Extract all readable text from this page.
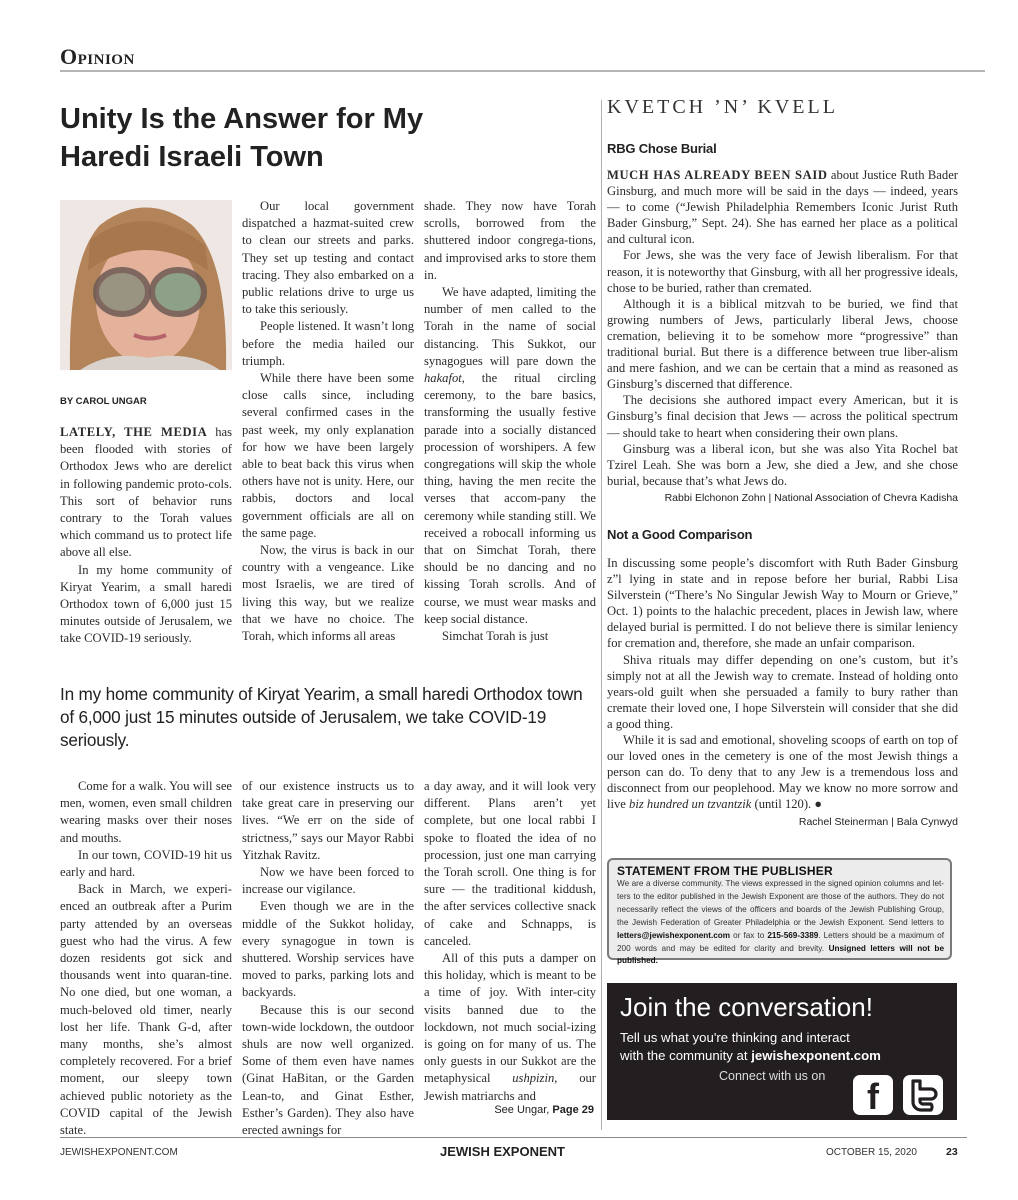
Opinion
Unity Is the Answer for My Haredi Israeli Town
BY CAROL UNGAR

LATELY, THE MEDIA has been flooded with stories of Orthodox Jews who are derelict in following pandemic proto-cols. This sort of behavior runs contrary to the Torah values which command us to protect life above all else.

In my home community of Kiryat Yearim, a small haredi Orthodox town of 6,000 just 15 minutes outside of Jerusalem, we take COVID-19 seriously.

Our local government dispatched a hazmat-suited crew to clean our streets and parks. They set up testing and contact tracing. They also embarked on a public relations drive to urge us to take this seriously.

People listened. It wasn’t long before the media hailed our triumph.

While there have been some close calls since, including several confirmed cases in the past week, my only explanation for how we have been largely able to beat back this virus when others have not is unity. Here, our rabbis, doctors and local government officials are all on the same page.

Now, the virus is back in our country with a vengeance. Like most Israelis, we are tired of living this way, but we realize that we have no choice. The Torah, which informs all areas

shade. They now have Torah scrolls, borrowed from the shuttered indoor congrega-tions, and improvised arks to store them in.

We have adapted, limiting the number of men called to the Torah in the name of social distancing. This Sukkot, our synagogues will pare down the hakafot, the ritual circling ceremony, to the bare basics, transforming the usually festive parade into a socially distanced procession of worshipers. A few congregations will skip the whole thing, having the men recite the verses that accom-pany the ceremony while standing still. We received a robocall informing us that on Simchat Torah, there should be no dancing and no kissing Torah scrolls. And of course, we must wear masks and keep social distance.

Simchat Torah is just

In my home community of Kiryat Yearim, a small haredi Orthodox town of 6,000 just 15 minutes outside of Jerusalem, we take COVID-19 seriously.

Come for a walk. You will see men, women, even small children wearing masks over their noses and mouths.

In our town, COVID-19 hit us early and hard.

Back in March, we experi-enced an outbreak after a Purim party attended by an overseas guest who had the virus. A few dozen residents got sick and thousands went into quaran-tine. No one died, but one woman, a much-beloved old timer, nearly lost her life. Thank G-d, after many months, she’s almost completely recovered. For a brief moment, our sleepy town achieved public notoriety as the COVID capital of the Jewish state.

of our existence instructs us to take great care in preserving our lives. “We err on the side of strictness,” says our Mayor Rabbi Yitzhak Ravitz.

Now we have been forced to increase our vigilance.

Even though we are in the middle of the Sukkot holiday, every synagogue in town is shuttered. Worship services have moved to parks, parking lots and backyards.

Because this is our second town-wide lockdown, the outdoor shuls are now well organized. Some of them even have names (Ginat HaBitan, or the Garden Lean-to, and Ginat Esther, Esther’s Garden). They also have erected awnings for

a day away, and it will look very different. Plans aren’t yet complete, but one local rabbi I spoke to floated the idea of no procession, just one man carrying the Torah scroll. One thing is for sure — the traditional kiddush, the after services collective snack of cake and Schnapps, is canceled.

All of this puts a damper on this holiday, which is meant to be a time of joy. With inter-city visits banned due to the lockdown, not much social-izing is going on for many of us. The only guests in our Sukkot are the metaphysical ushpizin, our Jewish matriarchs and

See Ungar, Page 29
KVETCH ’N’ KVELL
RBG Chose Burial

MUCH HAS ALREADY BEEN SAID about Justice Ruth Bader Ginsburg, and much more will be said in the days — indeed, years — to come (“Jewish Philadelphia Remembers Iconic Jurist Ruth Bader Ginsburg,” Sept. 24). She has earned her place as a political and cultural icon.

For Jews, she was the very face of Jewish liberalism. For that reason, it is noteworthy that Ginsburg, with all her progressive ideals, chose to be buried, rather than cremated.

Although it is a biblical mitzvah to be buried, we find that growing numbers of Jews, particularly liberal Jews, choose cremation, believing it to be somehow more “progressive” than traditional burial. But there is a difference between true liber-alism and mere fashion, and we can be certain that a mind as reasoned as Ginsburg’s discerned that difference.

The decisions she authored impact every American, but it is Ginsburg’s final decision that Jews — across the political spectrum — should take to heart when considering their own plans.

Ginsburg was a liberal icon, but she was also Yita Rochel bat Tzirel Leah. She was born a Jew, she died a Jew, and she chose burial, because that’s what Jews do.

Rabbi Elchonon Zohn | National Association of Chevra Kadisha
Not a Good Comparison

In discussing some people’s discomfort with Ruth Bader Ginsburg z”l lying in state and in repose before her burial, Rabbi Lisa Silverstein (“There’s No Singular Jewish Way to Mourn or Grieve,” Oct. 1) points to the halachic precedent, places in Jewish law, where delayed burial is permitted. I do not believe there is similar leniency for cremation and, therefore, she made an unfair comparison.

Shiva rituals may differ depending on one’s custom, but it’s simply not at all the Jewish way to cremate. Instead of holding onto years-old guilt when she persuaded a family to bury rather than cremate their loved one, I hope Silverstein will consider that she did a good thing.

While it is sad and emotional, shoveling scoops of earth on top of our loved ones in the cemetery is one of the most Jewish things a person can do. To deny that to any Jew is a tremendous loss and disconnect from our peoplehood. May we know no more sorrow and live biz hundred un tzvantzik (until 120). ●

Rachel Steinerman | Bala Cynwyd
STATEMENT FROM THE PUBLISHER
We are a diverse community. The views expressed in the signed opinion columns and let-ters to the editor published in the Jewish Exponent are those of the authors. They do not necessarily reflect the views of the officers and boards of the Jewish Publishing Group, the Jewish Federation of Greater Philadelphia or the Jewish Exponent. Send letters to letters@jewishexponent.com or fax to 215-569-3389. Letters should be a maximum of 200 words and may be edited for clarity and brevity. Unsigned letters will not be published.
Join the conversation!
Tell us what you're thinking and interact
with the community at jewishexponent.com
Connect with us on	f
JEWISHEXPONENT.COM	JEWISH EXPONENT	OCTOBER 15, 2020	23
